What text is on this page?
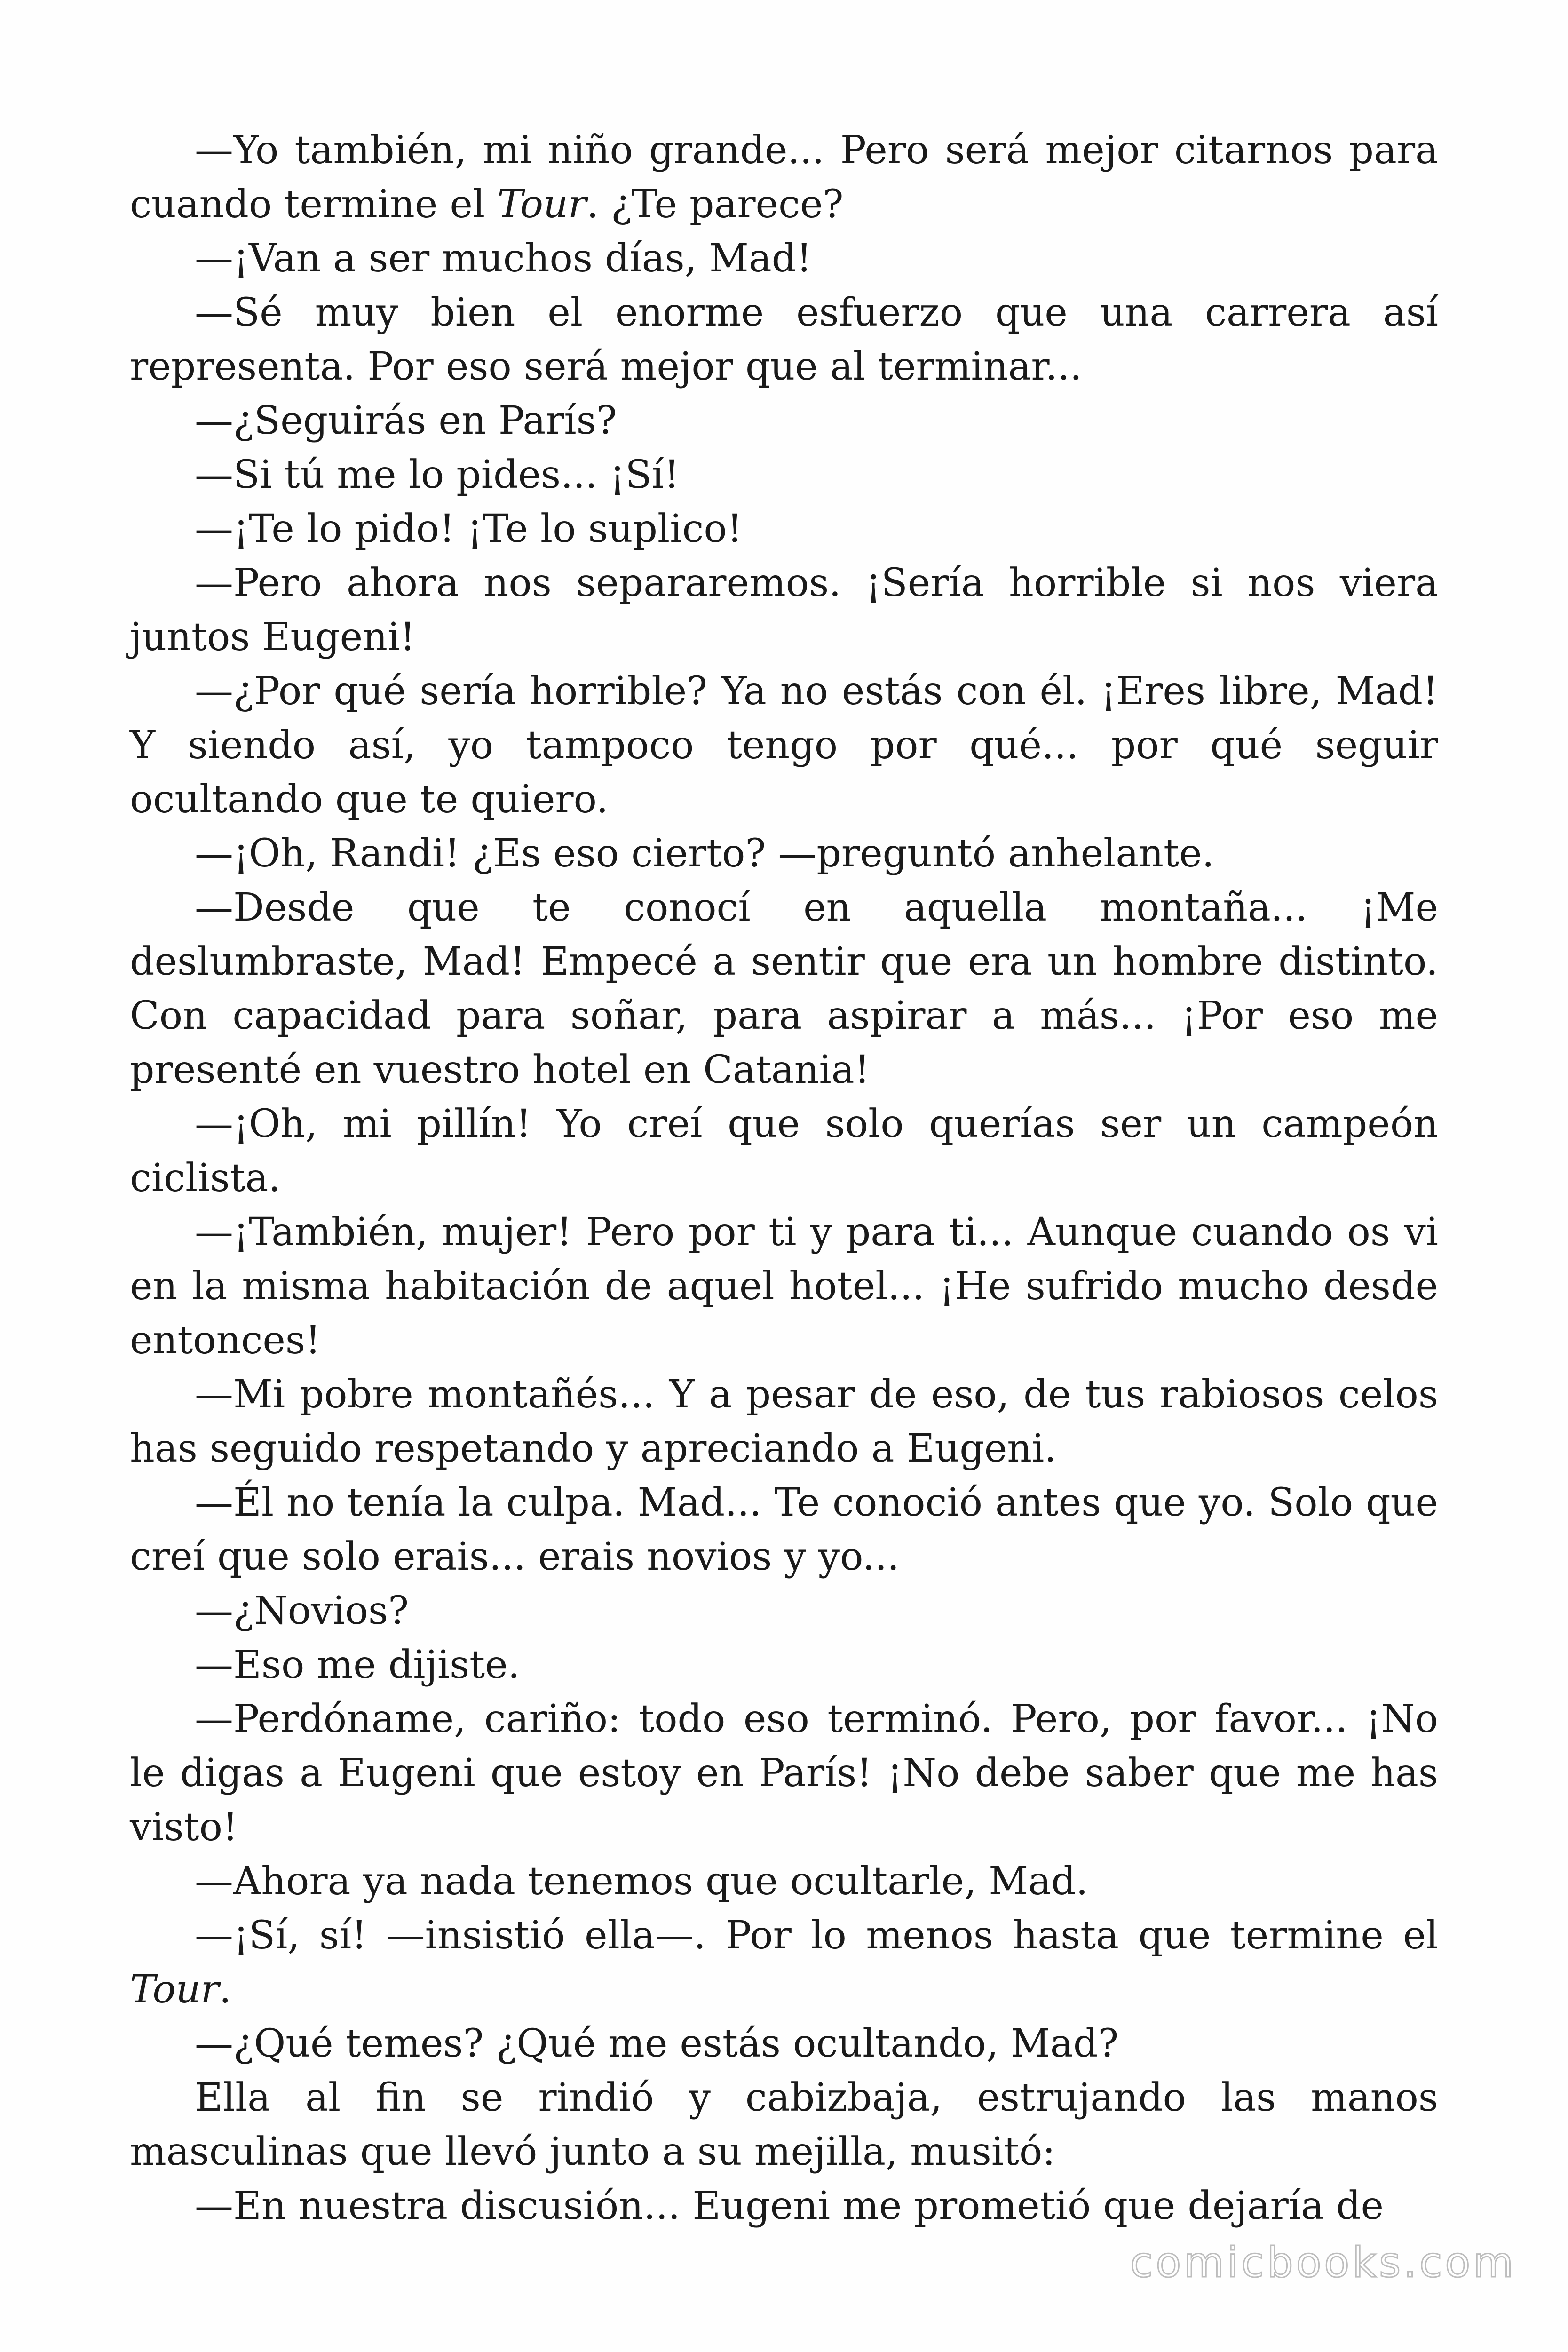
—Yo también, mi niño grande... Pero será mejor citarnos para cuando termine el Tour. ¿Te parece?

—¡Van a ser muchos días, Mad!

—Sé muy bien el enorme esfuerzo que una carrera así representa. Por eso será mejor que al terminar...

—¿Seguirás en París?

—Si tú me lo pides... ¡Sí!

—¡Te lo pido! ¡Te lo suplico!

—Pero ahora nos separaremos. ¡Sería horrible si nos viera juntos Eugeni!

—¿Por qué sería horrible? Ya no estás con él. ¡Eres libre, Mad! Y siendo así, yo tampoco tengo por qué... por qué seguir ocultando que te quiero.

—¡Oh, Randi! ¿Es eso cierto? —preguntó anhelante.

—Desde que te conocí en aquella montaña... ¡Me deslumbraste, Mad! Empecé a sentir que era un hombre distinto. Con capacidad para soñar, para aspirar a más... ¡Por eso me presenté en vuestro hotel en Catania!

—¡Oh, mi pillín! Yo creí que solo querías ser un campeón ciclista.

—¡También, mujer! Pero por ti y para ti... Aunque cuando os vi en la misma habitación de aquel hotel... ¡He sufrido mucho desde entonces!

—Mi pobre montañés... Y a pesar de eso, de tus rabiosos celos has seguido respetando y apreciando a Eugeni.

—Él no tenía la culpa. Mad... Te conoció antes que yo. Solo que creí que solo erais... erais novios y yo...

—¿Novios?

—Eso me dijiste.

—Perdóname, cariño: todo eso terminó. Pero, por favor... ¡No le digas a Eugeni que estoy en París! ¡No debe saber que me has visto!

—Ahora ya nada tenemos que ocultarle, Mad.

—¡Sí, sí! —insistió ella—. Por lo menos hasta que termine el Tour.

—¿Qué temes? ¿Qué me estás ocultando, Mad?

Ella al fin se rindió y cabizbaja, estrujando las manos masculinas que llevó junto a su mejilla, musitó:

—En nuestra discusión... Eugeni me prometió que dejaría de

comicbooks.com
